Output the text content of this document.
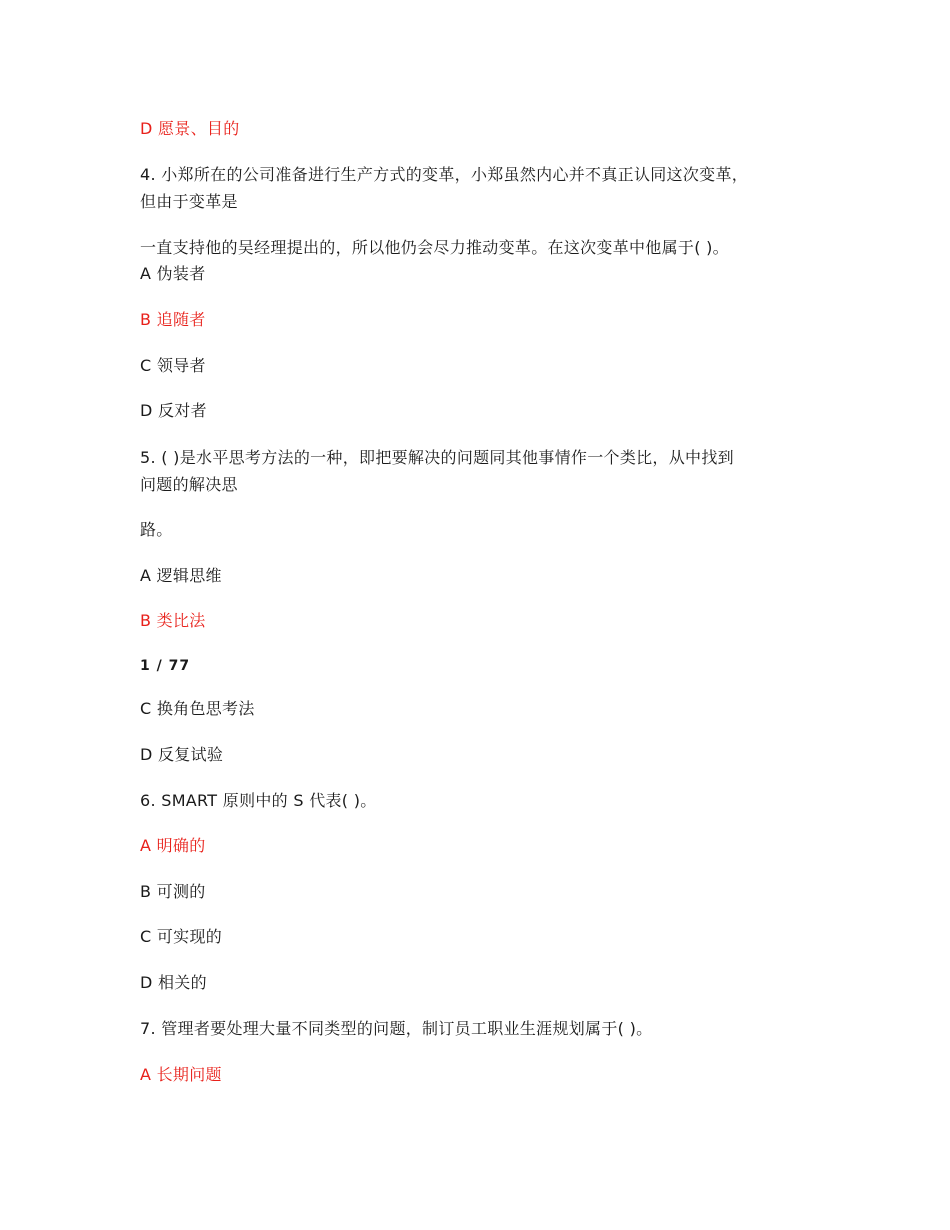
D 愿景、目的
4. 小郑所在的公司准备进行生产方式的变革，小郑虽然内心并不真正认同这次变革，
但由于变革是
一直支持他的吴经理提出的，所以他仍会尽力推动变革。在这次变革中他属于( )。
A 伪装者
B 追随者
C 领导者
D 反对者
5. ( )是水平思考方法的一种，即把要解决的问题同其他事情作一个类比，从中找到
问题的解决思
路。
A 逻辑思维
B 类比法
1 / 77
C 换角色思考法
D 反复试验
6. SMART 原则中的 S 代表( )。
A 明确的
B 可测的
C 可实现的
D 相关的
7. 管理者要处理大量不同类型的问题，制订员工职业生涯规划属于( )。
A 长期问题
